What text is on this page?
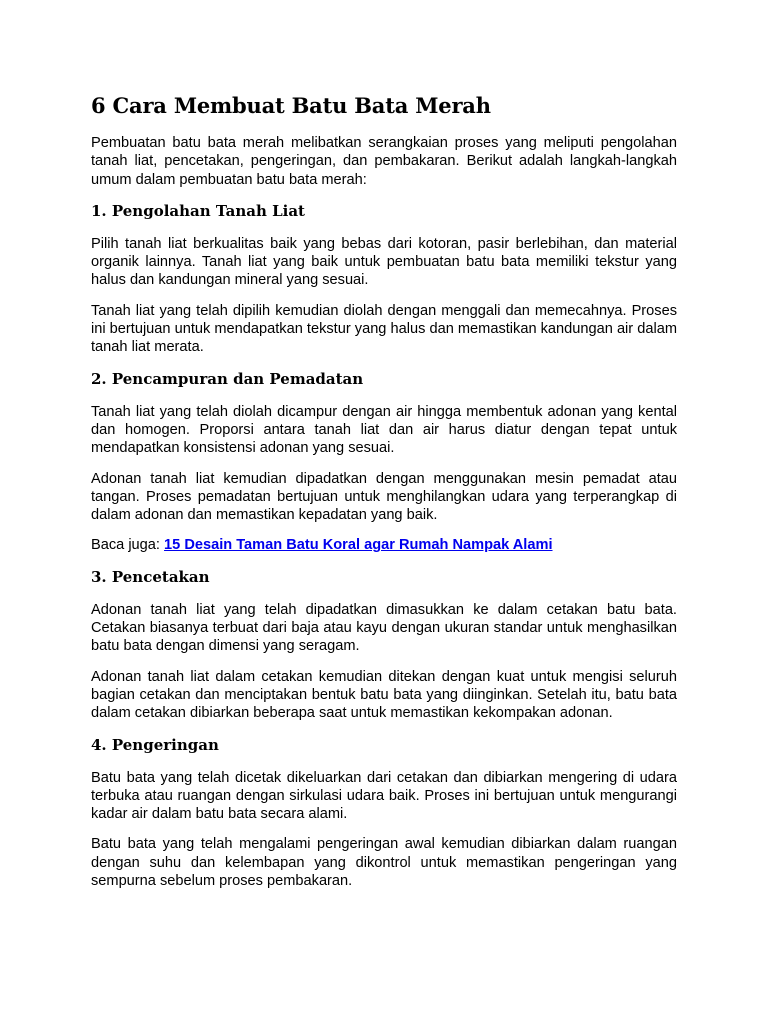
6 Cara Membuat Batu Bata Merah

Pembuatan batu bata merah melibatkan serangkaian proses yang meliputi pengolahan tanah liat, pencetakan, pengeringan, dan pembakaran. Berikut adalah langkah-langkah umum dalam pembuatan batu bata merah:

1. Pengolahan Tanah Liat

Pilih tanah liat berkualitas baik yang bebas dari kotoran, pasir berlebihan, dan material organik lainnya. Tanah liat yang baik untuk pembuatan batu bata memiliki tekstur yang halus dan kandungan mineral yang sesuai.

Tanah liat yang telah dipilih kemudian diolah dengan menggali dan memecahnya. Proses ini bertujuan untuk mendapatkan tekstur yang halus dan memastikan kandungan air dalam tanah liat merata.

2. Pencampuran dan Pemadatan

Tanah liat yang telah diolah dicampur dengan air hingga membentuk adonan yang kental dan homogen. Proporsi antara tanah liat dan air harus diatur dengan tepat untuk mendapatkan konsistensi adonan yang sesuai.

Adonan tanah liat kemudian dipadatkan dengan menggunakan mesin pemadat atau tangan. Proses pemadatan bertujuan untuk menghilangkan udara yang terperangkap di dalam adonan dan memastikan kepadatan yang baik.

Baca juga: 15 Desain Taman Batu Koral agar Rumah Nampak Alami

3. Pencetakan

Adonan tanah liat yang telah dipadatkan dimasukkan ke dalam cetakan batu bata. Cetakan biasanya terbuat dari baja atau kayu dengan ukuran standar untuk menghasilkan batu bata dengan dimensi yang seragam.

Adonan tanah liat dalam cetakan kemudian ditekan dengan kuat untuk mengisi seluruh bagian cetakan dan menciptakan bentuk batu bata yang diinginkan. Setelah itu, batu bata dalam cetakan dibiarkan beberapa saat untuk memastikan kekompakan adonan.

4. Pengeringan

Batu bata yang telah dicetak dikeluarkan dari cetakan dan dibiarkan mengering di udara terbuka atau ruangan dengan sirkulasi udara baik. Proses ini bertujuan untuk mengurangi kadar air dalam batu bata secara alami.

Batu bata yang telah mengalami pengeringan awal kemudian dibiarkan dalam ruangan dengan suhu dan kelembapan yang dikontrol untuk memastikan pengeringan yang sempurna sebelum proses pembakaran.
